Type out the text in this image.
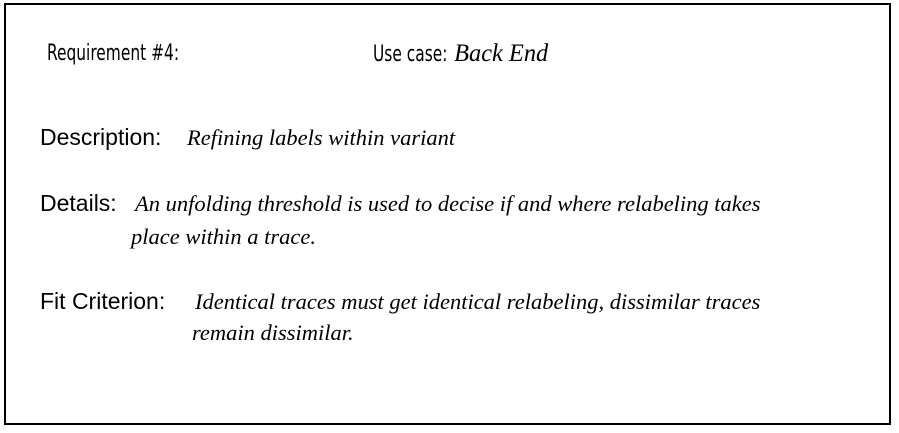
Requirement #4:	Use case: Back End
Description: Refining labels within variant
Details: An unfolding threshold is used to decise if and where relabeling takes
place within a trace.
Fit Criterion: Identical traces must get identical relabeling, dissimilar traces
remain dissimilar.
